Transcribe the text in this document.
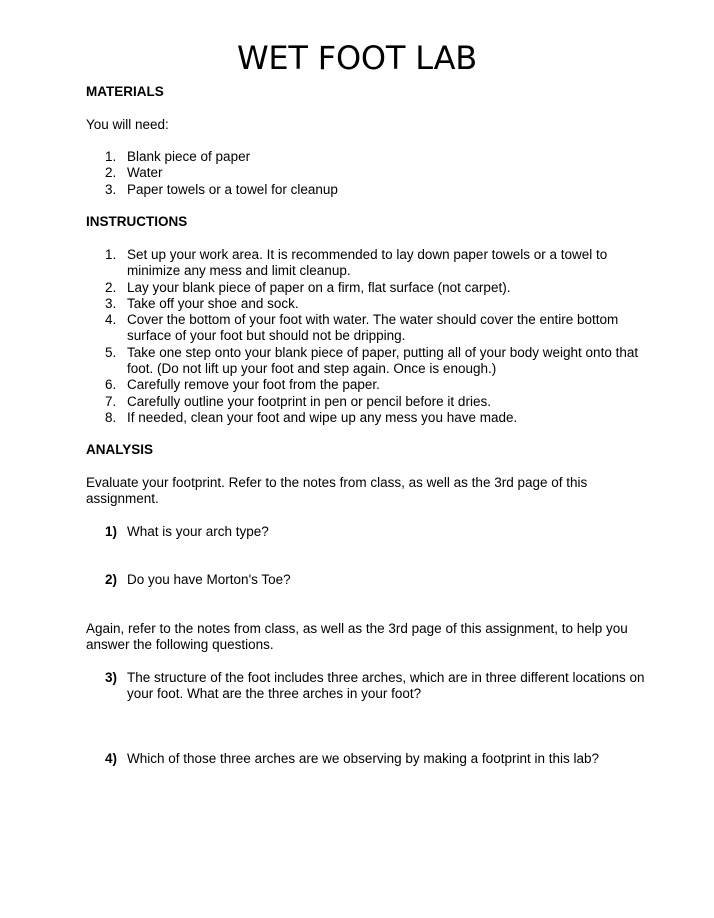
WET FOOT LAB
MATERIALS
You will need:
1. Blank piece of paper
2. Water
3. Paper towels or a towel for cleanup
INSTRUCTIONS
1. Set up your work area. It is recommended to lay down paper towels or a towel to minimize any mess and limit cleanup.
2. Lay your blank piece of paper on a firm, flat surface (not carpet).
3. Take off your shoe and sock.
4. Cover the bottom of your foot with water. The water should cover the entire bottom surface of your foot but should not be dripping.
5. Take one step onto your blank piece of paper, putting all of your body weight onto that foot. (Do not lift up your foot and step again. Once is enough.)
6. Carefully remove your foot from the paper.
7. Carefully outline your footprint in pen or pencil before it dries.
8. If needed, clean your foot and wipe up any mess you have made.
ANALYSIS
Evaluate your footprint. Refer to the notes from class, as well as the 3rd page of this assignment.
1) What is your arch type?
2) Do you have Morton's Toe?
Again, refer to the notes from class, as well as the 3rd page of this assignment, to help you answer the following questions.
3) The structure of the foot includes three arches, which are in three different locations on your foot. What are the three arches in your foot?
4) Which of those three arches are we observing by making a footprint in this lab?
